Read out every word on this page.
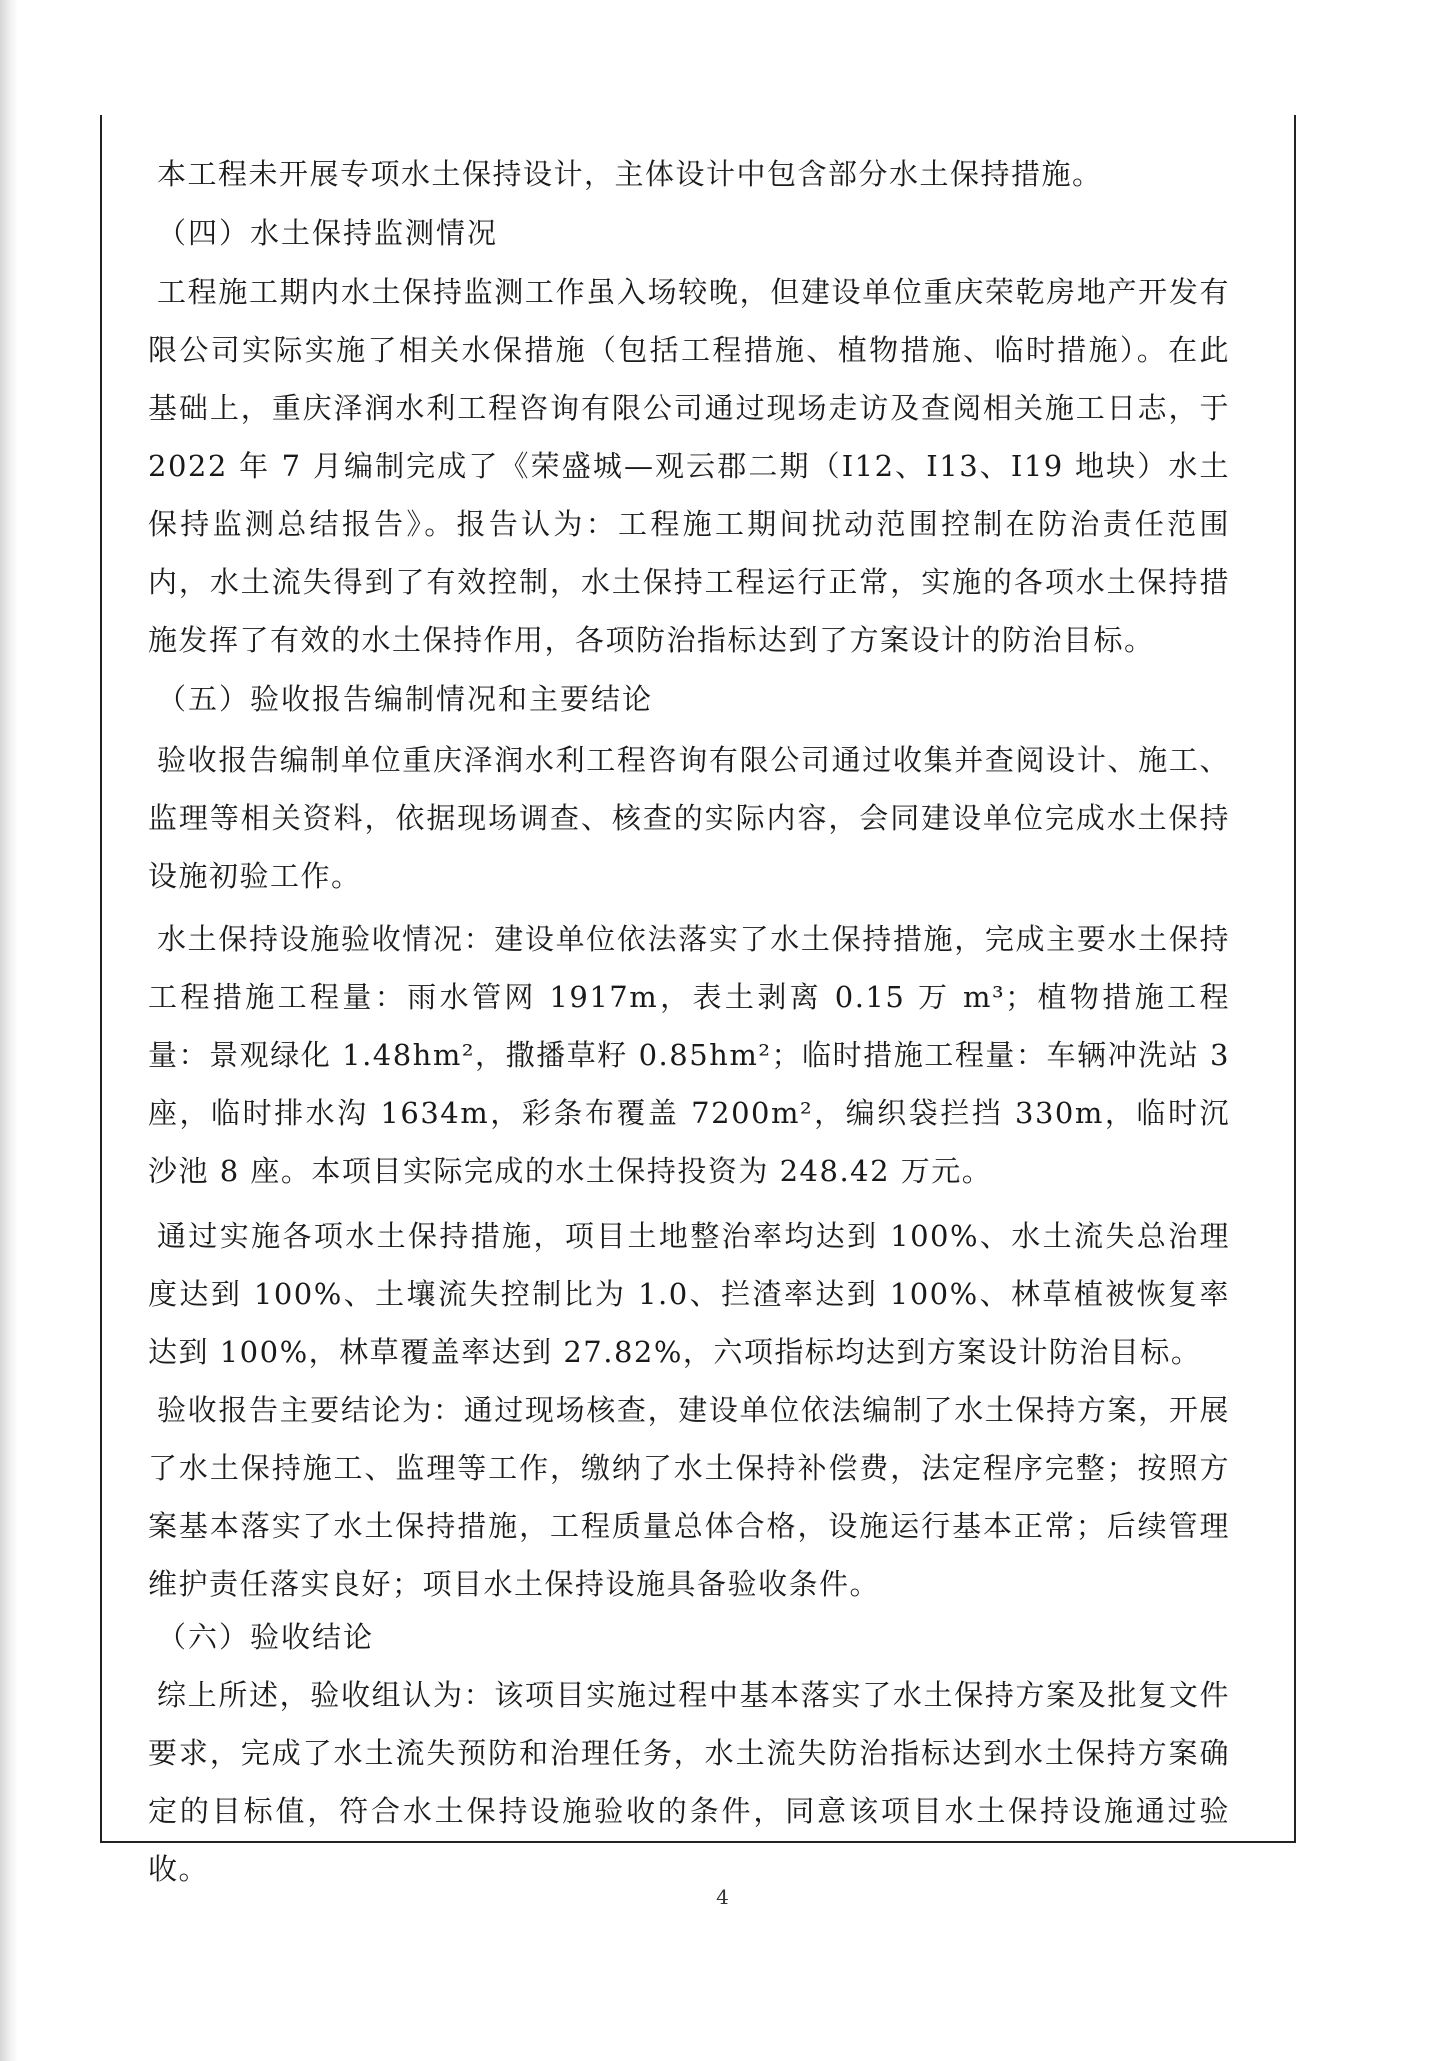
本工程未开展专项水土保持设计，主体设计中包含部分水土保持措施。

（四）水土保持监测情况

工程施工期内水土保持监测工作虽入场较晚，但建设单位重庆荣乾房地产开发有限公司实际实施了相关水保措施（包括工程措施、植物措施、临时措施）。在此基础上，重庆泽润水利工程咨询有限公司通过现场走访及查阅相关施工日志，于 2022 年 7 月编制完成了《荣盛城—观云郡二期（I12、I13、I19 地块）水土保持监测总结报告》。报告认为：工程施工期间扰动范围控制在防治责任范围内，水土流失得到了有效控制，水土保持工程运行正常，实施的各项水土保持措施发挥了有效的水土保持作用，各项防治指标达到了方案设计的防治目标。

（五）验收报告编制情况和主要结论

验收报告编制单位重庆泽润水利工程咨询有限公司通过收集并查阅设计、施工、监理等相关资料，依据现场调查、核查的实际内容，会同建设单位完成水土保持设施初验工作。

水土保持设施验收情况：建设单位依法落实了水土保持措施，完成主要水土保持工程措施工程量：雨水管网 1917m，表土剥离 0.15 万 m³；植物措施工程量：景观绿化 1.48hm²，撒播草籽 0.85hm²；临时措施工程量：车辆冲洗站 3 座，临时排水沟 1634m，彩条布覆盖 7200m²，编织袋拦挡 330m，临时沉沙池 8 座。本项目实际完成的水土保持投资为 248.42 万元。

通过实施各项水土保持措施，项目土地整治率均达到 100%、水土流失总治理度达到 100%、土壤流失控制比为 1.0、拦渣率达到 100%、林草植被恢复率达到 100%，林草覆盖率达到 27.82%，六项指标均达到方案设计防治目标。

验收报告主要结论为：通过现场核查，建设单位依法编制了水土保持方案，开展了水土保持施工、监理等工作，缴纳了水土保持补偿费，法定程序完整；按照方案基本落实了水土保持措施，工程质量总体合格，设施运行基本正常；后续管理维护责任落实良好；项目水土保持设施具备验收条件。

（六）验收结论

综上所述，验收组认为：该项目实施过程中基本落实了水土保持方案及批复文件要求，完成了水土流失预防和治理任务，水土流失防治指标达到水土保持方案确定的目标值，符合水土保持设施验收的条件，同意该项目水土保持设施通过验收。

4
